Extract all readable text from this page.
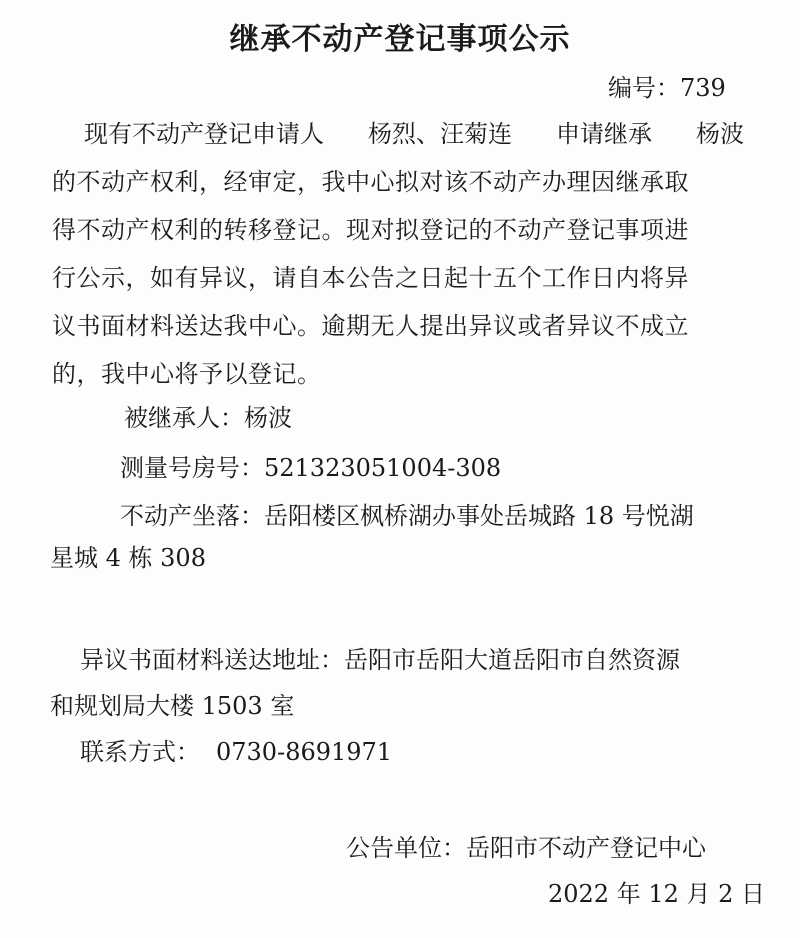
继承不动产登记事项公示
编号：739
现有不动产登记申请人 杨烈、汪菊连 申请继承 杨波
的不动产权利，经审定，我中心拟对该不动产办理因继承取
得不动产权利的转移登记。现对拟登记的不动产登记事项进
行公示，如有异议，请自本公告之日起十五个工作日内将异
议书面材料送达我中心。逾期无人提出异议或者异议不成立
的，我中心将予以登记。
被继承人：杨波
测量号房号：521323051004-308
不动产坐落：岳阳楼区枫桥湖办事处岳城路 18 号悦湖
星城 4 栋 308
异议书面材料送达地址：岳阳市岳阳大道岳阳市自然资源
和规划局大楼 1503 室
联系方式： 0730-8691971
公告单位：岳阳市不动产登记中心
2022 年 12 月 2 日
